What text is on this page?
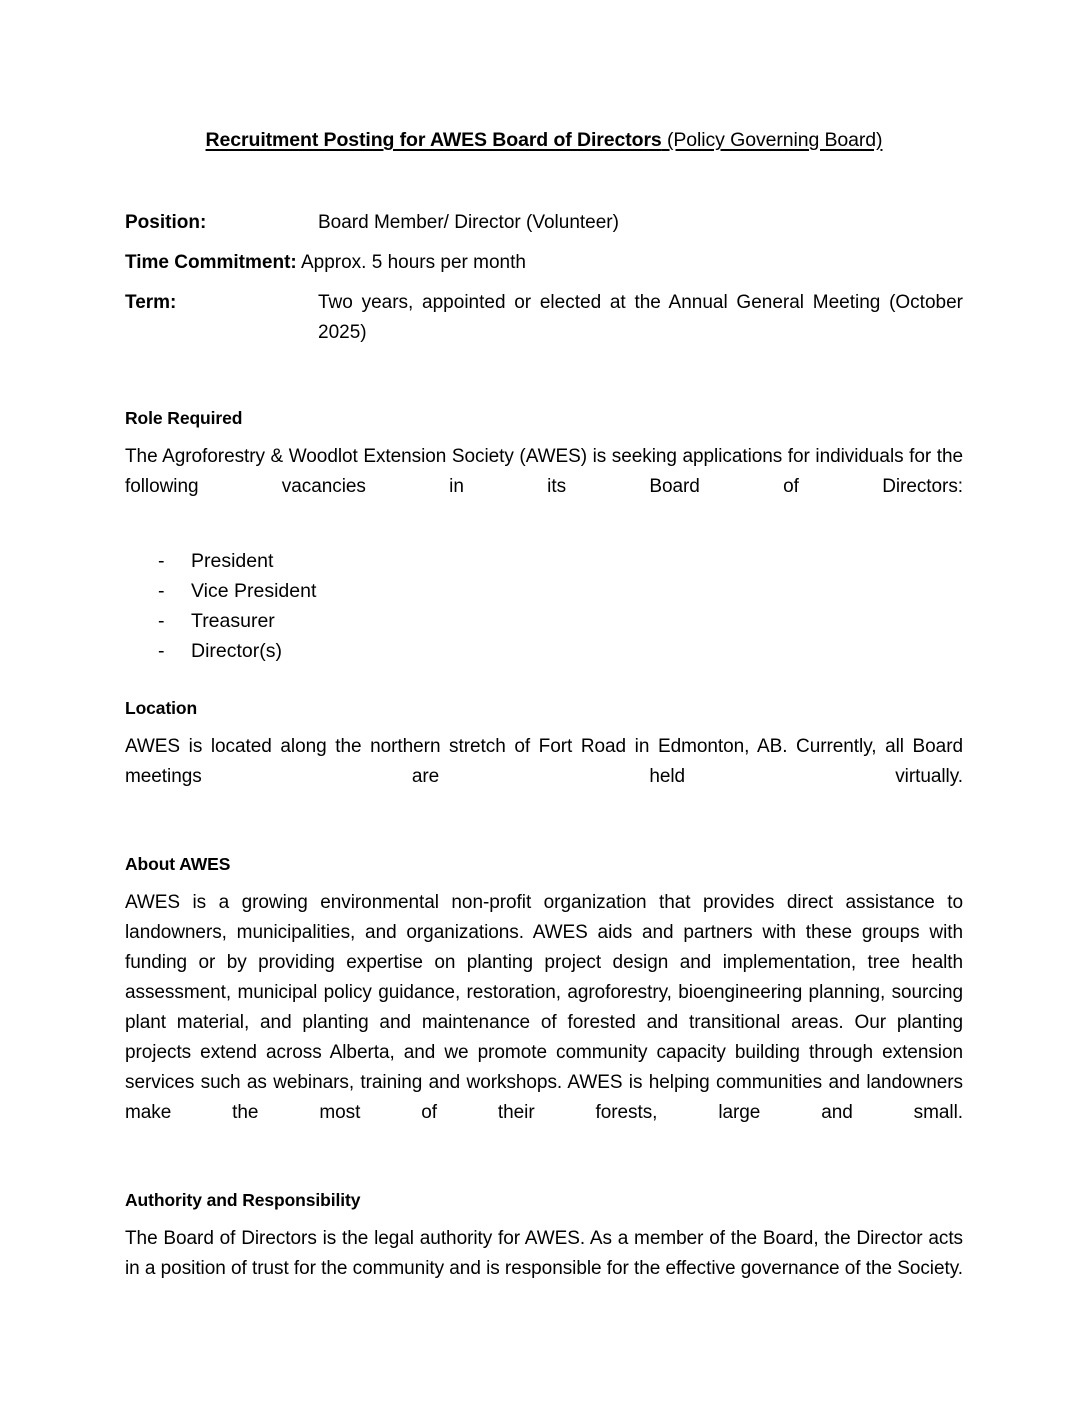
Recruitment Posting for AWES Board of Directors (Policy Governing Board)
Position:	Board Member/ Director (Volunteer)
Time Commitment: Approx. 5 hours per month
Term:	Two years, appointed or elected at the Annual General Meeting (October 2025)
Role Required

The Agroforestry & Woodlot Extension Society (AWES) is seeking applications for individuals for the following vacancies in its Board of Directors:

- President
- Vice President
- Treasurer
- Director(s)
Location

AWES is located along the northern stretch of Fort Road in Edmonton, AB. Currently, all Board meetings are held virtually.

About AWES

AWES is a growing environmental non-profit organization that provides direct assistance to landowners, municipalities, and organizations. AWES aids and partners with these groups with funding or by providing expertise on planting project design and implementation, tree health assessment, municipal policy guidance, restoration, agroforestry, bioengineering planning, sourcing plant material, and planting and maintenance of forested and transitional areas. Our planting projects extend across Alberta, and we promote community capacity building through extension services such as webinars, training and workshops. AWES is helping communities and landowners make the most of their forests, large and small.

Authority and Responsibility

The Board of Directors is the legal authority for AWES. As a member of the Board, the Director acts in a position of trust for the community and is responsible for the effective governance of the Society.
